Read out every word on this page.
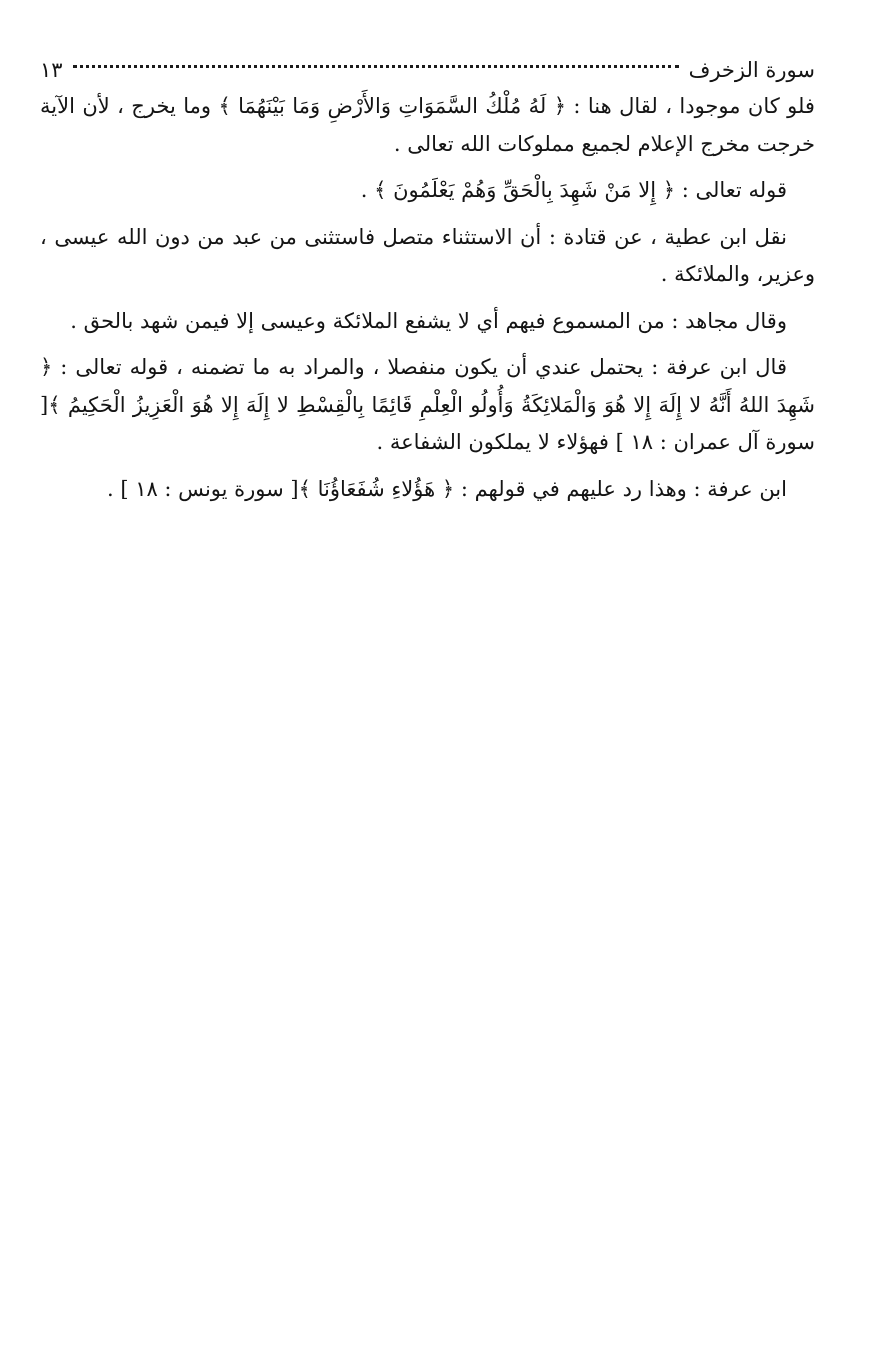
سورة الزخرف
١٣

فلو كان موجودا ، لقال هنا : ﴿ لَهُ مُلْكُ السَّمَوَاتِ وَالأَرْضِ وَمَا بَيْنَهُمَا ﴾ وما يخرج ، لأن الآية خرجت مخرج الإعلام لجميع مملوكات الله تعالى .

قوله تعالى : ﴿ إِلا مَنْ شَهِدَ بِالْحَقِّ وَهُمْ يَعْلَمُونَ ﴾ .

نقل ابن عطية ، عن قتادة : أن الاستثناء متصل فاستثنى من عبد من دون الله عيسى ، وعزير، والملائكة .

وقال مجاهد : من المسموع فيهم أي لا يشفع الملائكة وعيسى إلا فيمن شهد بالحق .

قال ابن عرفة : يحتمل عندي أن يكون منفصلا ، والمراد به ما تضمنه ، قوله تعالى : ﴿ شَهِدَ اللهُ أَنَّهُ لا إِلَهَ إِلا هُوَ وَالْمَلائِكَةُ وَأُولُو الْعِلْمِ قَائِمًا بِالْقِسْطِ لا إِلَهَ إِلا هُوَ الْعَزِيزُ الْحَكِيمُ ﴾[ سورة آل عمران : ١٨ ] فهؤلاء لا يملكون الشفاعة .

ابن عرفة : وهذا رد عليهم في قولهم : ﴿ هَؤُلاءِ شُفَعَاؤُنَا ﴾[ سورة يونس : ١٨ ] .
